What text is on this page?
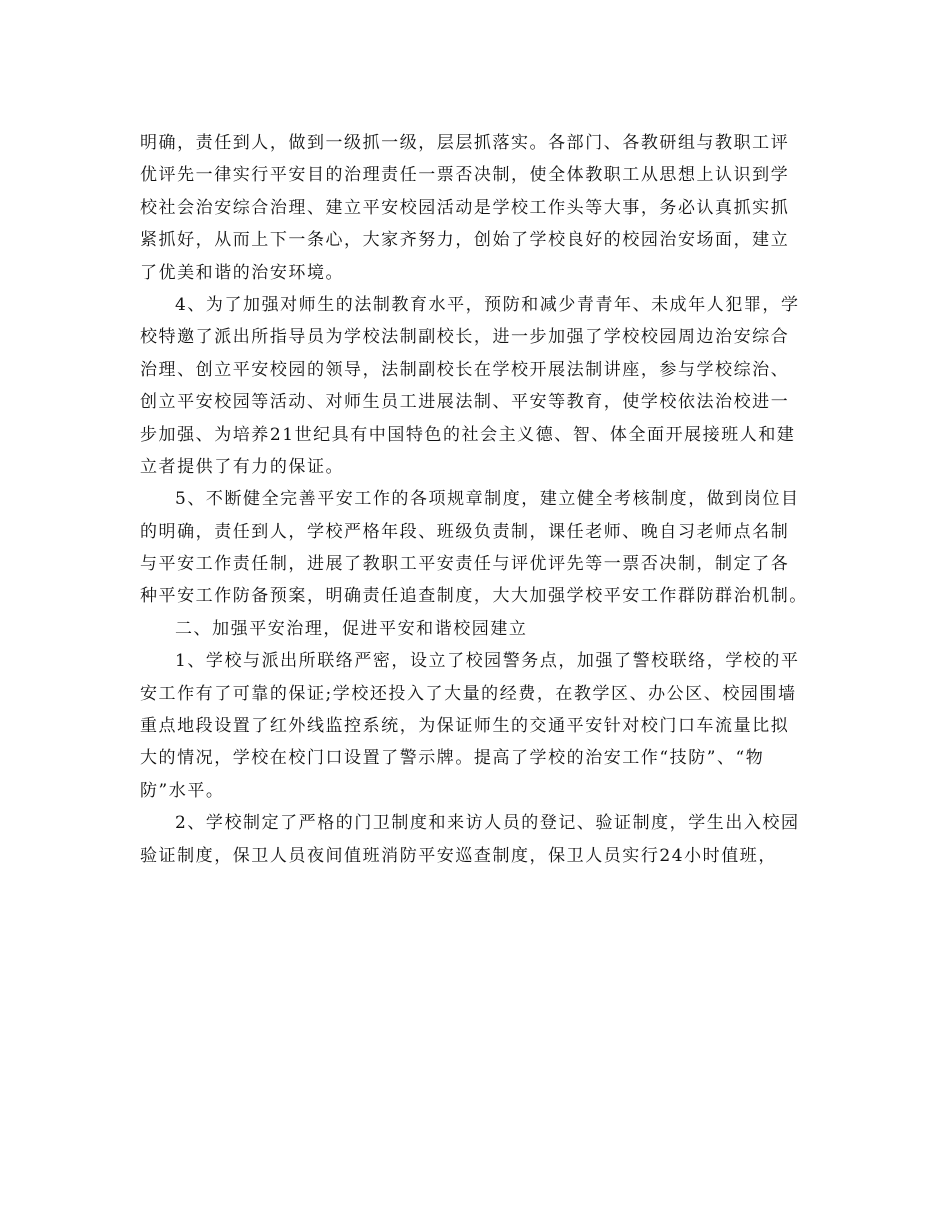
明确，责任到人，做到一级抓一级，层层抓落实。各部门、各教研组与教职工评
优评先一律实行平安目的治理责任一票否决制，使全体教职工从思想上认识到学
校社会治安综合治理、建立平安校园活动是学校工作头等大事，务必认真抓实抓
紧抓好，从而上下一条心，大家齐努力，创始了学校良好的校园治安场面，建立
了优美和谐的治安环境。
4、为了加强对师生的法制教育水平，预防和减少青青年、未成年人犯罪，学
校特邀了派出所指导员为学校法制副校长，进一步加强了学校校园周边治安综合
治理、创立平安校园的领导，法制副校长在学校开展法制讲座，参与学校综治、
创立平安校园等活动、对师生员工进展法制、平安等教育，使学校依法治校进一
步加强、为培养21世纪具有中国特色的社会主义德、智、体全面开展接班人和建
立者提供了有力的保证。
5、不断健全完善平安工作的各项规章制度，建立健全考核制度，做到岗位目
的明确，责任到人，学校严格年段、班级负责制，课任老师、晚自习老师点名制
与平安工作责任制，进展了教职工平安责任与评优评先等一票否决制，制定了各
种平安工作防备预案，明确责任追查制度，大大加强学校平安工作群防群治机制。
二、加强平安治理，促进平安和谐校园建立
1、学校与派出所联络严密，设立了校园警务点，加强了警校联络，学校的平
安工作有了可靠的保证;学校还投入了大量的经费，在教学区、办公区、校园围墙
重点地段设置了红外线监控系统，为保证师生的交通平安针对校门口车流量比拟
大的情况，学校在校门口设置了警示牌。提高了学校的治安工作“技防”、“物
防”水平。
2、学校制定了严格的门卫制度和来访人员的登记、验证制度，学生出入校园
验证制度，保卫人员夜间值班消防平安巡查制度，保卫人员实行24小时值班，
